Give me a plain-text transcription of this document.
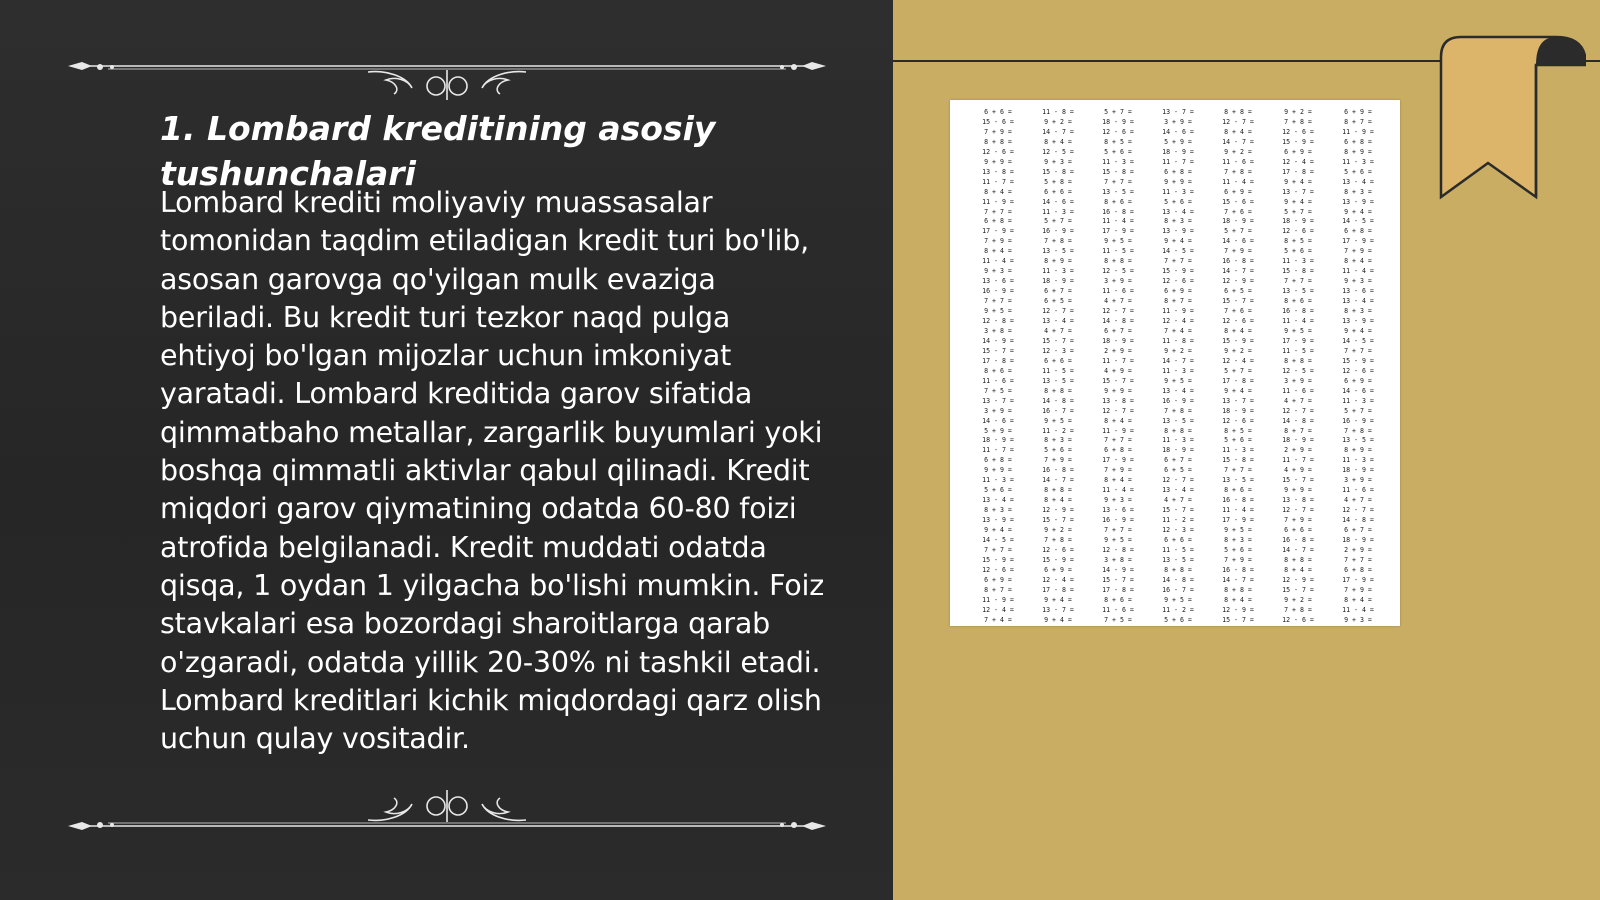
1. Lombard kreditining asosiy tushunchalari

Lombard krediti moliyaviy muassasalar tomonidan taqdim etiladigan kredit turi bo'lib, asosan garovga qo'yilgan mulk evaziga beriladi. Bu kredit turi tezkor naqd pulga ehtiyoj bo'lgan mijozlar uchun imkoniyat yaratadi. Lombard kreditida garov sifatida qimmatbaho metallar, zargarlik buyumlari yoki boshqa qimmatli aktivlar qabul qilinadi. Kredit miqdori garov qiymatining odatda 60-80 foizi atrofida belgilanadi. Kredit muddati odatda qisqa, 1 oydan 1 yilgacha bo'lishi mumkin. Foiz stavkalari esa bozordagi sharoitlarga qarab o'zgaradi, odatda yillik 20-30% ni tashkil etadi. Lombard kreditlari kichik miqdordagi qarz olish uchun qulay vositadir.

6 + 6 =
15 - 6 =
7 + 9 =
8 + 8 =
12 - 6 =
9 + 9 =
13 - 8 =
11 - 7 =
8 + 4 =
11 - 9 =
7 + 7 =
6 + 8 =
17 - 9 =
7 + 9 =
8 + 4 =
11 - 4 =
9 + 3 =
13 - 6 =
16 - 9 =
7 + 7 =
9 + 5 =
12 - 8 =
3 + 8 =
14 - 9 =
15 - 7 =
17 - 8 =
8 + 6 =
11 - 6 =
7 + 5 =
13 - 7 =
3 + 9 =
14 - 6 =
5 + 9 =
18 - 9 =
11 - 7 =
6 + 8 =
9 + 9 =
11 - 3 =
5 + 6 =
13 - 4 =
8 + 3 =
13 - 9 =
9 + 4 =
14 - 5 =
7 + 7 =
15 - 9 =
12 - 6 =
6 + 9 =
8 + 7 =
11 - 9 =
12 - 4 =
7 + 4 =
11 - 8 =
9 + 2 =
14 - 7 =
8 + 4 =
12 - 5 =
9 + 3 =
15 - 8 =
5 + 8 =
6 + 6 =
14 - 6 =
11 - 3 =
5 + 7 =
16 - 9 =
7 + 8 =
13 - 5 =
8 + 9 =
11 - 3 =
18 - 9 =
6 + 7 =
6 + 5 =
12 - 7 =
13 - 4 =
4 + 7 =
15 - 7 =
12 - 3 =
6 + 6 =
11 - 5 =
13 - 5 =
8 + 8 =
14 - 8 =
16 - 7 =
9 + 5 =
11 - 2 =
8 + 3 =
5 + 6 =
7 + 9 =
16 - 8 =
14 - 7 =
8 + 8 =
8 + 4 =
12 - 9 =
15 - 7 =
9 + 2 =
7 + 8 =
12 - 6 =
15 - 9 =
6 + 9 =
12 - 4 =
17 - 8 =
9 + 4 =
13 - 7 =
9 + 4 =
5 + 7 =
18 - 9 =
12 - 6 =
8 + 5 =
5 + 6 =
11 - 3 =
15 - 8 =
7 + 7 =
13 - 5 =
8 + 6 =
16 - 8 =
11 - 4 =
17 - 9 =
9 + 5 =
11 - 5 =
8 + 8 =
12 - 5 =
3 + 9 =
11 - 6 =
4 + 7 =
12 - 7 =
14 - 8 =
6 + 7 =
18 - 9 =
2 + 9 =
11 - 7 =
4 + 9 =
15 - 7 =
9 + 9 =
13 - 8 =
12 - 7 =
8 + 4 =
11 - 9 =
7 + 7 =
6 + 8 =
17 - 9 =
7 + 9 =
8 + 4 =
11 - 4 =
9 + 3 =
13 - 6 =
16 - 9 =
7 + 7 =
9 + 5 =
12 - 8 =
3 + 8 =
14 - 9 =
15 - 7 =
17 - 8 =
8 + 6 =
11 - 6 =
7 + 5 =
13 - 7 =
3 + 9 =
14 - 6 =
5 + 9 =
18 - 9 =
11 - 7 =
6 + 8 =
9 + 9 =
11 - 3 =
5 + 6 =
13 - 4 =
8 + 3 =
13 - 9 =
9 + 4 =
14 - 5 =
7 + 7 =
15 - 9 =
12 - 6 =
6 + 9 =
8 + 7 =
11 - 9 =
12 - 4 =
7 + 4 =
11 - 8 =
9 + 2 =
14 - 7 =
11 - 3 =
9 + 5 =
13 - 4 =
16 - 9 =
7 + 8 =
13 - 5 =
8 + 8 =
11 - 3 =
18 - 9 =
6 + 7 =
6 + 5 =
12 - 7 =
13 - 4 =
4 + 7 =
15 - 7 =
11 - 2 =
12 - 3 =
6 + 6 =
11 - 5 =
13 - 5 =
8 + 8 =
14 - 8 =
16 - 7 =
9 + 5 =
11 - 2 =
5 + 6 =
8 + 8 =
12 - 7 =
8 + 4 =
14 - 7 =
9 + 2 =
11 - 6 =
7 + 8 =
11 - 4 =
6 + 9 =
15 - 6 =
7 + 6 =
18 - 9 =
5 + 7 =
14 - 6 =
7 + 9 =
16 - 8 =
14 - 7 =
12 - 9 =
6 + 5 =
15 - 7 =
7 + 6 =
12 - 6 =
8 + 4 =
15 - 9 =
9 + 2 =
12 - 4 =
5 + 7 =
17 - 8 =
9 + 4 =
13 - 7 =
18 - 9 =
12 - 6 =
8 + 5 =
5 + 6 =
11 - 3 =
15 - 8 =
7 + 7 =
13 - 5 =
8 + 6 =
16 - 8 =
11 - 4 =
17 - 9 =
9 + 5 =
8 + 3 =
5 + 6 =
7 + 9 =
16 - 8 =
14 - 7 =
8 + 8 =
8 + 4 =
12 - 9 =
15 - 7 =
9 + 2 =
7 + 8 =
12 - 6 =
15 - 9 =
6 + 9 =
12 - 4 =
17 - 8 =
9 + 4 =
13 - 7 =
9 + 4 =
5 + 7 =
18 - 9 =
12 - 6 =
8 + 5 =
5 + 6 =
11 - 3 =
15 - 8 =
7 + 7 =
13 - 5 =
8 + 6 =
16 - 8 =
11 - 4 =
9 + 5 =
17 - 9 =
11 - 5 =
8 + 8 =
12 - 5 =
3 + 9 =
11 - 6 =
4 + 7 =
12 - 7 =
14 - 8 =
8 + 7 =
18 - 9 =
2 + 9 =
11 - 7 =
4 + 9 =
15 - 7 =
9 + 9 =
13 - 8 =
12 - 7 =
7 + 9 =
6 + 6 =
16 - 8 =
14 - 7 =
8 + 8 =
8 + 4 =
12 - 9 =
15 - 7 =
9 + 2 =
7 + 8 =
12 - 6 =
6 + 9 =
8 + 7 =
11 - 9 =
6 + 8 =
8 + 9 =
11 - 3 =
5 + 6 =
13 - 4 =
8 + 3 =
13 - 9 =
9 + 4 =
14 - 5 =
6 + 8 =
17 - 9 =
7 + 9 =
8 + 4 =
11 - 4 =
9 + 3 =
13 - 6 =
13 - 4 =
8 + 3 =
13 - 9 =
9 + 4 =
14 - 5 =
7 + 7 =
15 - 9 =
12 - 6 =
6 + 9 =
14 - 6 =
11 - 3 =
5 + 7 =
16 - 9 =
7 + 8 =
13 - 5 =
8 + 9 =
11 - 3 =
18 - 9 =
3 + 9 =
11 - 6 =
4 + 7 =
12 - 7 =
14 - 8 =
6 + 7 =
18 - 9 =
2 + 9 =
7 + 7 =
6 + 8 =
17 - 9 =
7 + 9 =
8 + 4 =
11 - 4 =
9 + 3 =
